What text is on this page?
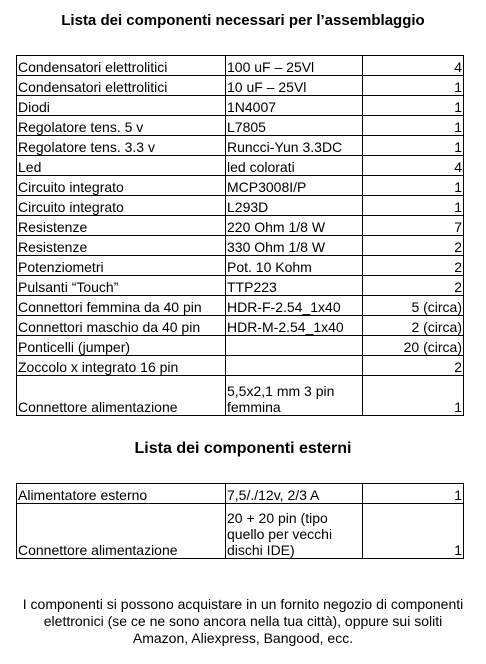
Lista dei componenti necessari per l’assemblaggio
Condensatori elettrolitici	100 uF – 25Vl	4
Condensatori elettrolitici	10 uF – 25Vl	1
Diodi	1N4007	1
Regolatore tens. 5 v	L7805	1
Regolatore tens. 3.3 v	Runcci-Yun 3.3DC	1
Led	led colorati	4
Circuito integrato	MCP3008I/P	1
Circuito integrato	L293D	1
Resistenze	220 Ohm 1/8 W	7
Resistenze	330 Ohm 1/8 W	2
Potenziometri	Pot. 10 Kohm	2
Pulsanti “Touch”	TTP223	2
Connettori femmina da 40 pin	HDR-F-2.54_1x40	5 (circa)
Connettori maschio da 40 pin	HDR-M-2.54_1x40	2 (circa)
Ponticelli (jumper)		20 (circa)
Zoccolo x integrato 16 pin		2
Connettore alimentazione	5,5x2,1 mm 3 pin femmina	1
Lista dei componenti esterni
Alimentatore esterno	7,5/./12v, 2/3 A	1
Connettore alimentazione	20 + 20 pin (tipo quello per vecchi dischi IDE)	1
I componenti si possono acquistare in un fornito negozio di componenti elettronici (se ce ne sono ancora nella tua città), oppure sui soliti Amazon, Aliexpress, Bangood, ecc.
